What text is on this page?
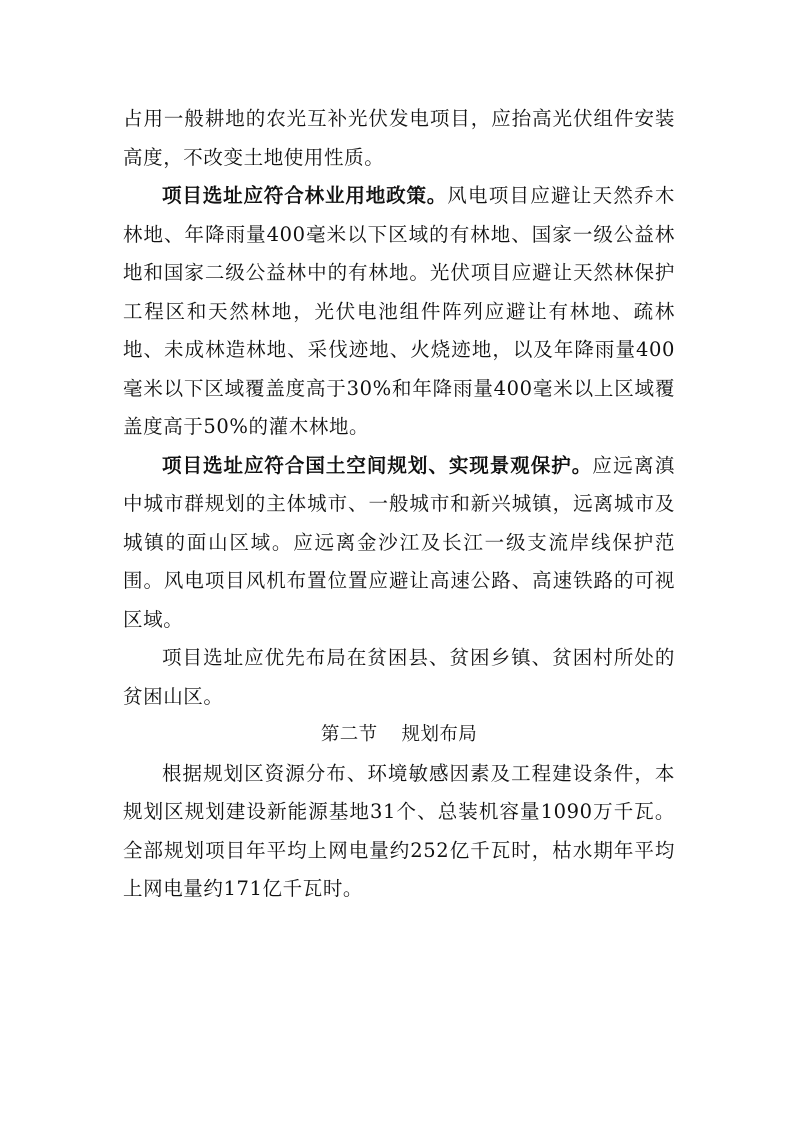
占用一般耕地的农光互补光伏发电项目，应抬高光伏组件安装高度，不改变土地使用性质。

项目选址应符合林业用地政策。风电项目应避让天然乔木林地、年降雨量400毫米以下区域的有林地、国家一级公益林地和国家二级公益林中的有林地。光伏项目应避让天然林保护工程区和天然林地，光伏电池组件阵列应避让有林地、疏林地、未成林造林地、采伐迹地、火烧迹地，以及年降雨量400毫米以下区域覆盖度高于30%和年降雨量400毫米以上区域覆盖度高于50%的灌木林地。

项目选址应符合国土空间规划、实现景观保护。应远离滇中城市群规划的主体城市、一般城市和新兴城镇，远离城市及城镇的面山区域。应远离金沙江及长江一级支流岸线保护范围。风电项目风机布置位置应避让高速公路、高速铁路的可视区域。

项目选址应优先布局在贫困县、贫困乡镇、贫困村所处的贫困山区。

第二节 规划布局

根据规划区资源分布、环境敏感因素及工程建设条件，本规划区规划建设新能源基地31个、总装机容量1090万千瓦。全部规划项目年平均上网电量约252亿千瓦时，枯水期年平均上网电量约171亿千瓦时。
